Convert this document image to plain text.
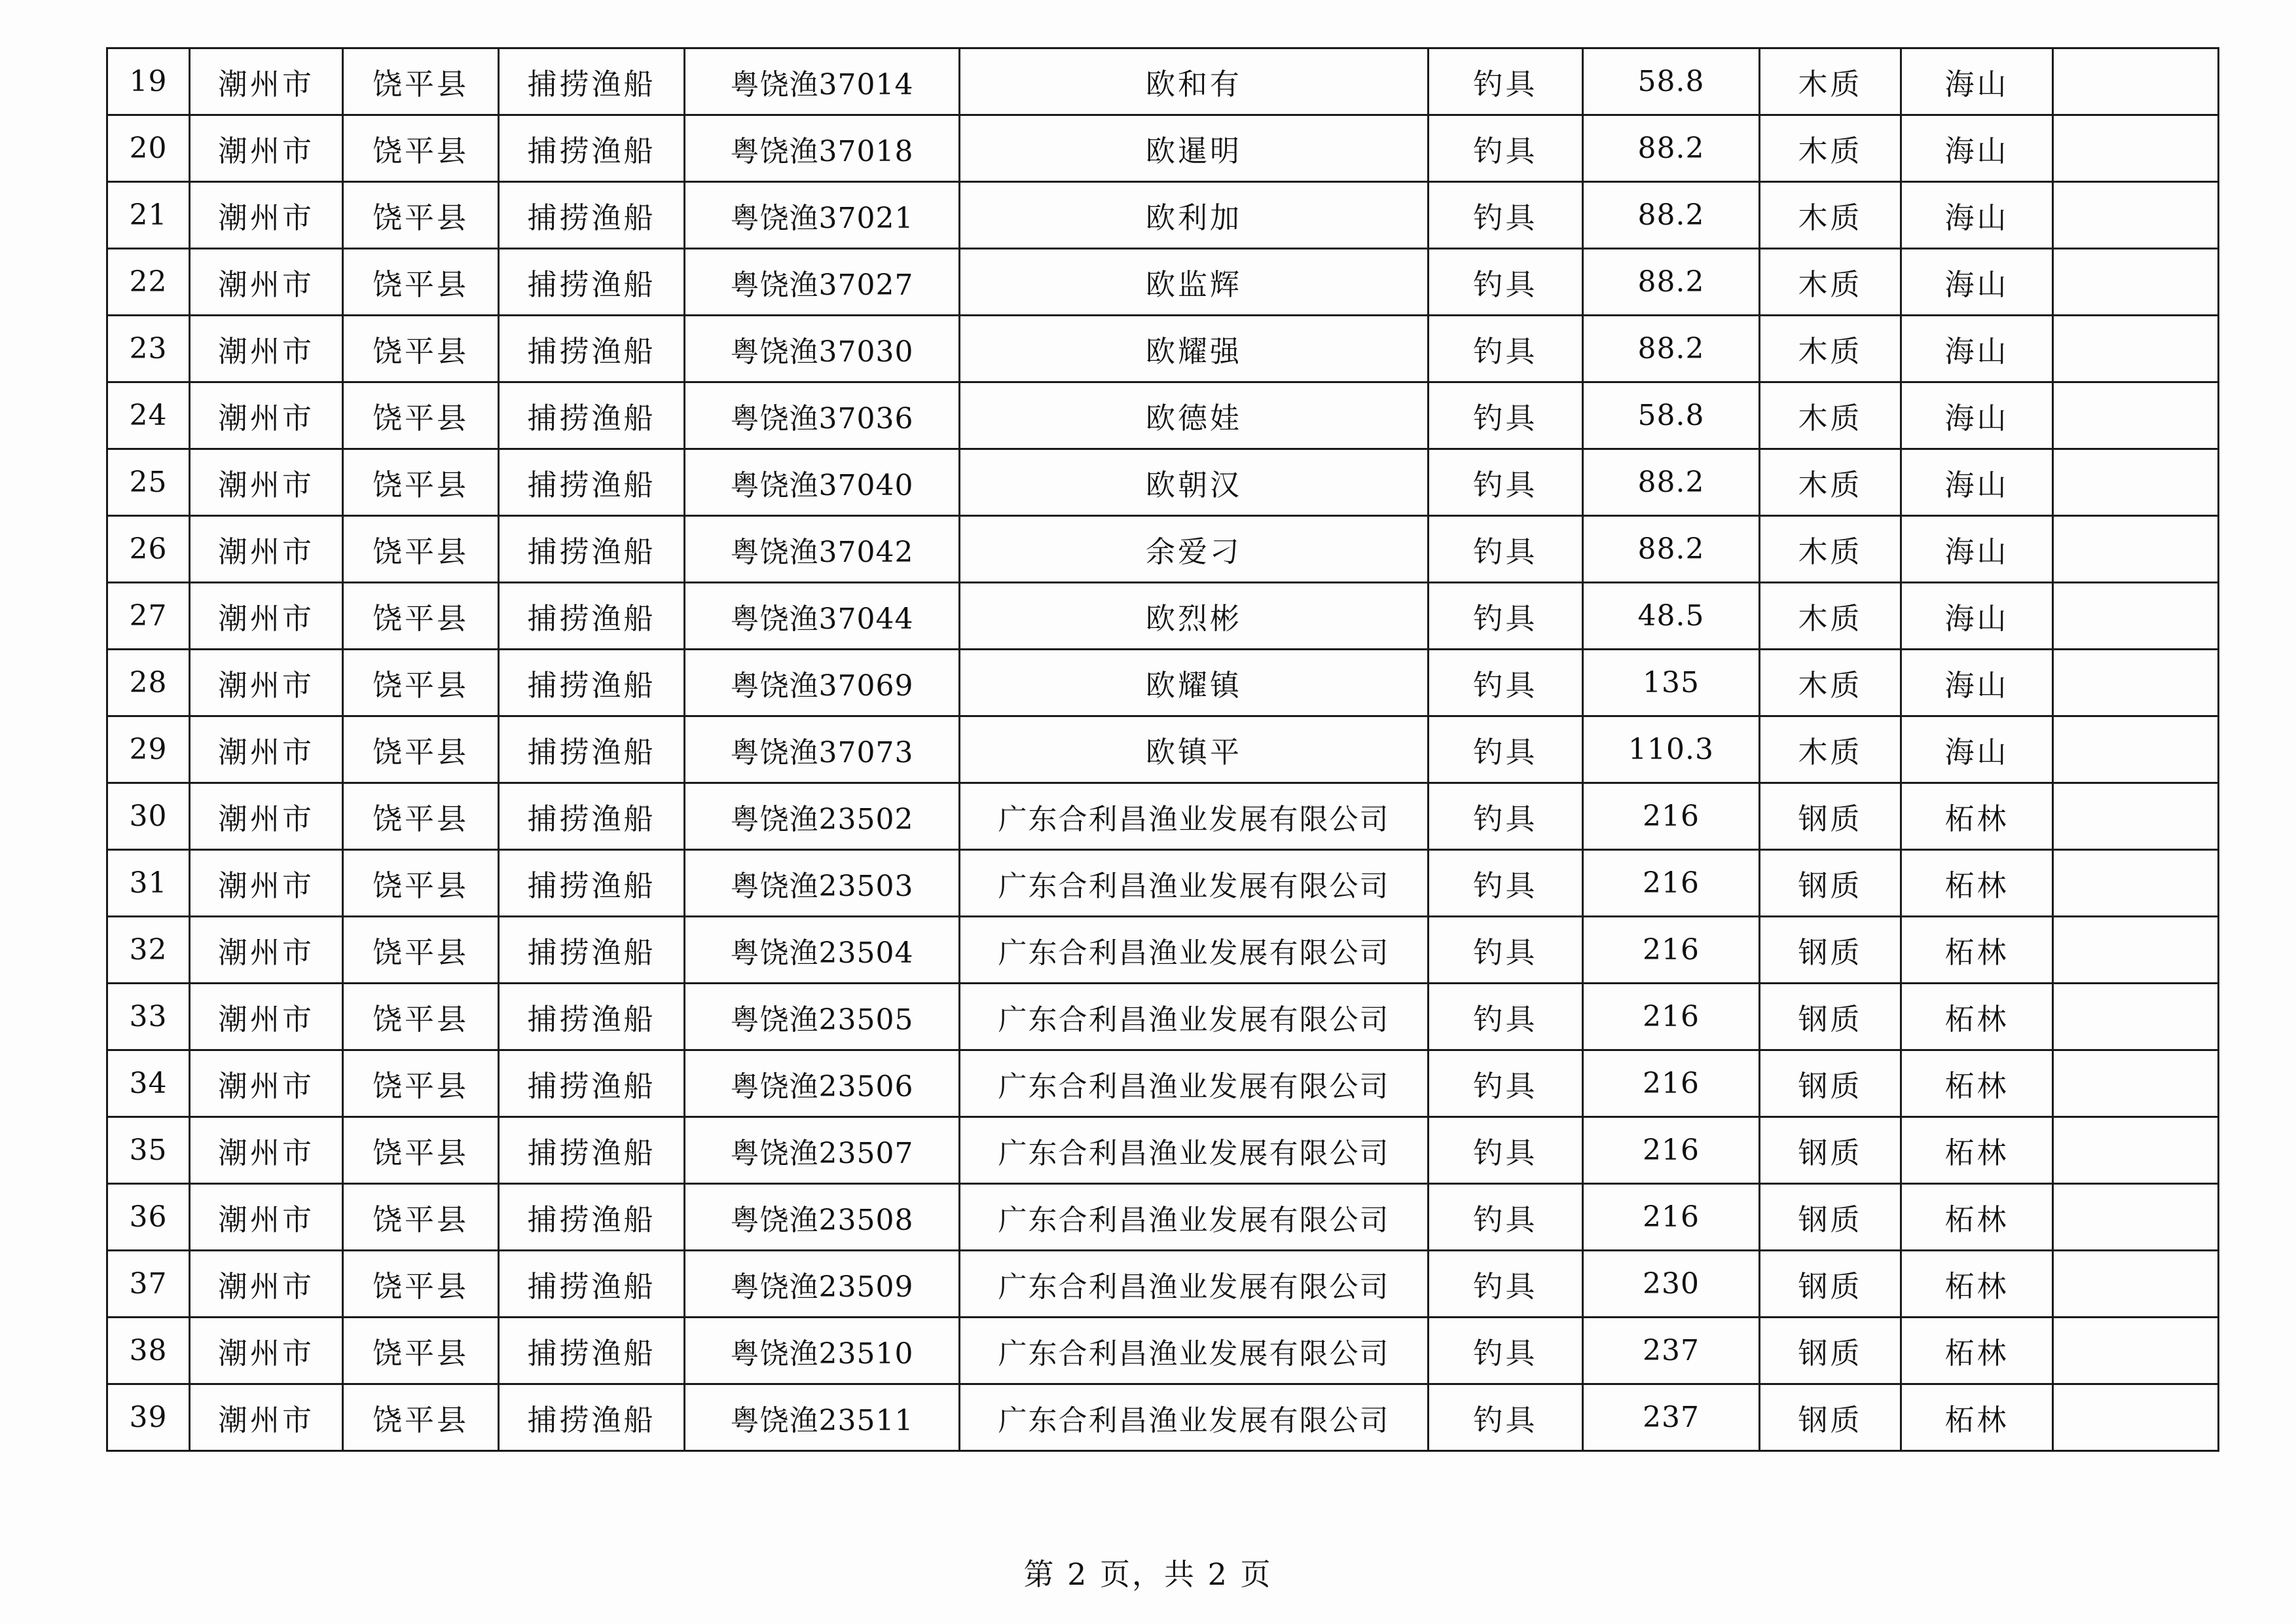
19	潮州市	饶平县	捕捞渔船	粤饶渔37014	欧和有	钓具	58.8	木质	海山	
20	潮州市	饶平县	捕捞渔船	粤饶渔37018	欧暹明	钓具	88.2	木质	海山	
21	潮州市	饶平县	捕捞渔船	粤饶渔37021	欧利加	钓具	88.2	木质	海山	
22	潮州市	饶平县	捕捞渔船	粤饶渔37027	欧监辉	钓具	88.2	木质	海山	
23	潮州市	饶平县	捕捞渔船	粤饶渔37030	欧耀强	钓具	88.2	木质	海山	
24	潮州市	饶平县	捕捞渔船	粤饶渔37036	欧德娃	钓具	58.8	木质	海山	
25	潮州市	饶平县	捕捞渔船	粤饶渔37040	欧朝汉	钓具	88.2	木质	海山	
26	潮州市	饶平县	捕捞渔船	粤饶渔37042	余爱刁	钓具	88.2	木质	海山	
27	潮州市	饶平县	捕捞渔船	粤饶渔37044	欧烈彬	钓具	48.5	木质	海山	
28	潮州市	饶平县	捕捞渔船	粤饶渔37069	欧耀镇	钓具	135	木质	海山	
29	潮州市	饶平县	捕捞渔船	粤饶渔37073	欧镇平	钓具	110.3	木质	海山	
30	潮州市	饶平县	捕捞渔船	粤饶渔23502	广东合利昌渔业发展有限公司	钓具	216	钢质	柘林	
31	潮州市	饶平县	捕捞渔船	粤饶渔23503	广东合利昌渔业发展有限公司	钓具	216	钢质	柘林	
32	潮州市	饶平县	捕捞渔船	粤饶渔23504	广东合利昌渔业发展有限公司	钓具	216	钢质	柘林	
33	潮州市	饶平县	捕捞渔船	粤饶渔23505	广东合利昌渔业发展有限公司	钓具	216	钢质	柘林	
34	潮州市	饶平县	捕捞渔船	粤饶渔23506	广东合利昌渔业发展有限公司	钓具	216	钢质	柘林	
35	潮州市	饶平县	捕捞渔船	粤饶渔23507	广东合利昌渔业发展有限公司	钓具	216	钢质	柘林	
36	潮州市	饶平县	捕捞渔船	粤饶渔23508	广东合利昌渔业发展有限公司	钓具	216	钢质	柘林	
37	潮州市	饶平县	捕捞渔船	粤饶渔23509	广东合利昌渔业发展有限公司	钓具	230	钢质	柘林	
38	潮州市	饶平县	捕捞渔船	粤饶渔23510	广东合利昌渔业发展有限公司	钓具	237	钢质	柘林	
39	潮州市	饶平县	捕捞渔船	粤饶渔23511	广东合利昌渔业发展有限公司	钓具	237	钢质	柘林	
第 2 页，共 2 页
